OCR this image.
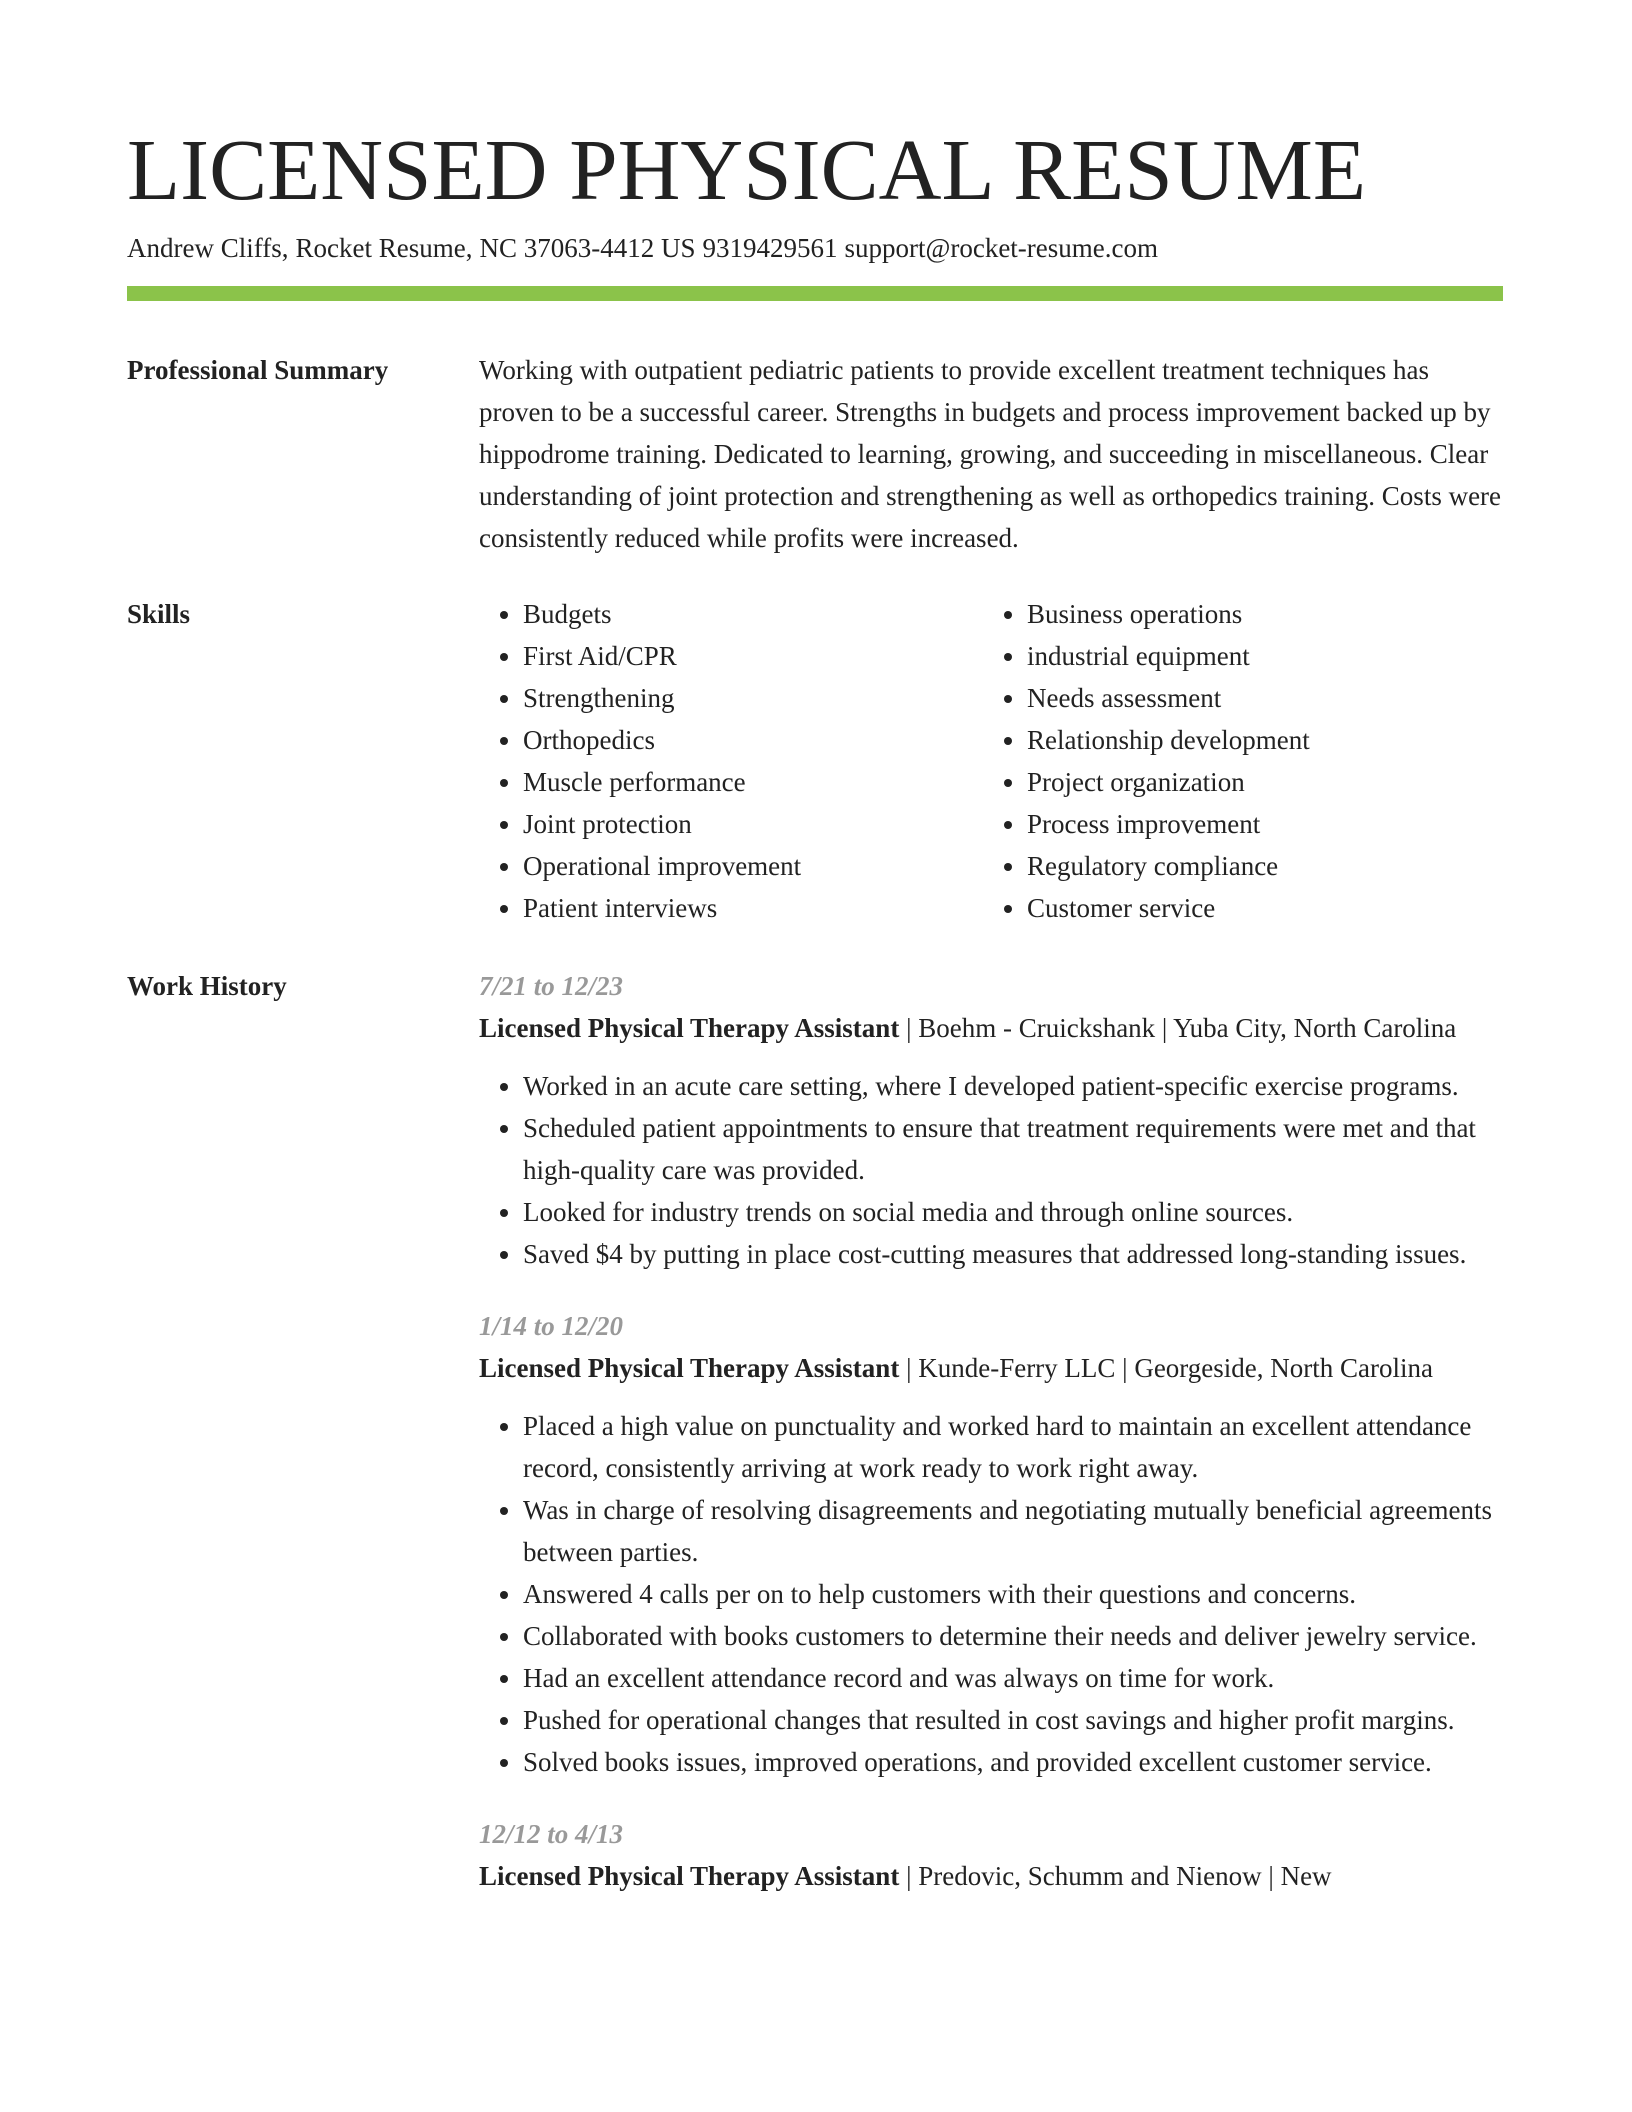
LICENSED PHYSICAL RESUME
Andrew Cliffs, Rocket Resume, NC 37063-4412 US 9319429561 support@rocket-resume.com
Professional Summary	Working with outpatient pediatric patients to provide excellent treatment techniques has proven to be a successful career. Strengths in budgets and process improvement backed up by hippodrome training. Dedicated to learning, growing, and succeeding in miscellaneous. Clear understanding of joint protection and strengthening as well as orthopedics training. Costs were consistently reduced while profits were increased.

Skills
•	Budgets
• First Aid/CPR
• Strengthening
• Orthopedics
• Muscle performance
• Joint protection
• Operational improvement
• Patient interviews
• Business operations
• industrial equipment
• Needs assessment
• Relationship development
• Project organization
• Process improvement
• Regulatory compliance
• Customer service
Work History	7/21 to 12/23
Licensed Physical Therapy Assistant | Boehm - Cruickshank | Yuba City, North Carolina
• Worked in an acute care setting, where I developed patient-specific exercise programs.
• Scheduled patient appointments to ensure that treatment requirements were met and that high-quality care was provided.
• Looked for industry trends on social media and through online sources.
• Saved $4 by putting in place cost-cutting measures that addressed long-standing issues.
1/14 to 12/20
Licensed Physical Therapy Assistant | Kunde-Ferry LLC | Georgeside, North Carolina
• Placed a high value on punctuality and worked hard to maintain an excellent attendance record, consistently arriving at work ready to work right away.
• Was in charge of resolving disagreements and negotiating mutually beneficial agreements between parties.
• Answered 4 calls per on to help customers with their questions and concerns.
• Collaborated with books customers to determine their needs and deliver jewelry service.
• Had an excellent attendance record and was always on time for work.
• Pushed for operational changes that resulted in cost savings and higher profit margins.
• Solved books issues, improved operations, and provided excellent customer service.
12/12 to 4/13
Licensed Physical Therapy Assistant | Predovic, Schumm and Nienow | New
